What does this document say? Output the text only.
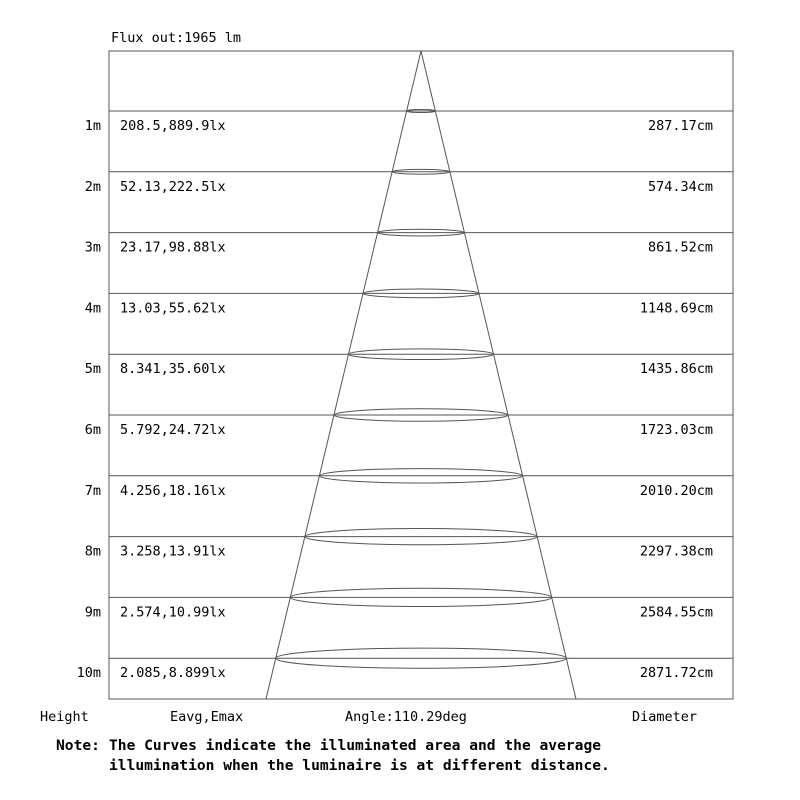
Flux out:1965 lm
1m 208.5,889.9lx	287.17cm
2m 52.13,222.5lx	574.34cm
3m 23.17,98.88lx	861.52cm
4m 13.03,55.62lx	1148.69cm
5m 8.341,35.60lx	1435.86cm
6m 5.792,24.72lx	1723.03cm
7m 4.256,18.16lx	2010.20cm
8m 3.258,13.91lx	2297.38cm
9m 2.574,10.99lx	2584.55cm
10m 2.085,8.899lx	2871.72cm
Height	Eavg,Emax	Angle:110.29deg	Diameter
Note: The Curves indicate the illuminated area and the average
illumination when the luminaire is at different distance.
